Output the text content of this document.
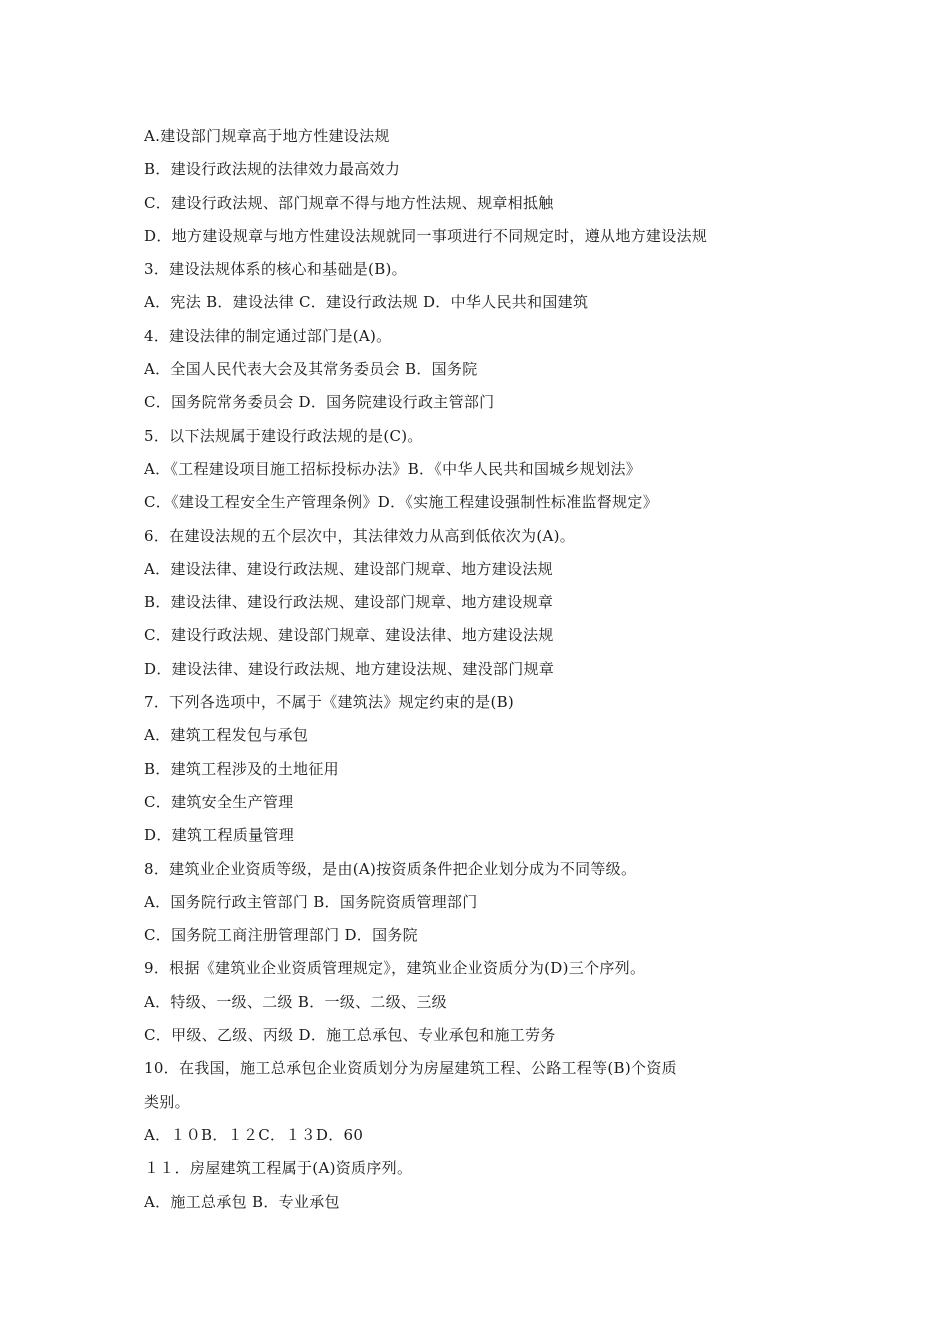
A.建设部门规章高于地方性建设法规
B．建设行政法规的法律效力最高效力
C．建设行政法规、部门规章不得与地方性法规、规章相抵触
D．地方建设规章与地方性建设法规就同一事项进行不同规定时，遵从地方建设法规
3．建设法规体系的核心和基础是(B)。
A．宪法 B．建设法律 C．建设行政法规 D．中华人民共和国建筑
4．建设法律的制定通过部门是(A)。
A．全国人民代表大会及其常务委员会 B．国务院
C．国务院常务委员会 D．国务院建设行政主管部门
5．以下法规属于建设行政法规的是(C)。
A．《工程建设项目施工招标投标办法》B．《中华人民共和国城乡规划法》
C．《建设工程安全生产管理条例》D．《实施工程建设强制性标准监督规定》
6．在建设法规的五个层次中，其法律效力从高到低依次为(A)。
A．建设法律、建设行政法规、建设部门规章、地方建设法规
B．建设法律、建设行政法规、建设部门规章、地方建设规章
C．建设行政法规、建设部门规章、建设法律、地方建设法规
D．建设法律、建设行政法规、地方建设法规、建没部门规章
7．下列各选项中，不属于《建筑法》规定约束的是(B)
A．建筑工程发包与承包
B．建筑工程涉及的土地征用
C．建筑安全生产管理
D．建筑工程质量管理
8．建筑业企业资质等级，是由(A)按资质条件把企业划分成为不同等级。
A．国务院行政主管部门 B．国务院资质管理部门
C．国务院工商注册管理部门 D．国务院
9．根据《建筑业企业资质管理规定》，建筑业企业资质分为(D)三个序列。
A．特级、一级、二级 B．一级、二级、三级
C．甲级、乙级、丙级 D．施工总承包、专业承包和施工劳务
10．在我国，施工总承包企业资质划分为房屋建筑工程、公路工程等(B)个资质
类别。
A．１０B．１２C．１３D．60
１１．房屋建筑工程属于(A)资质序列。
A．施工总承包 B．专业承包
